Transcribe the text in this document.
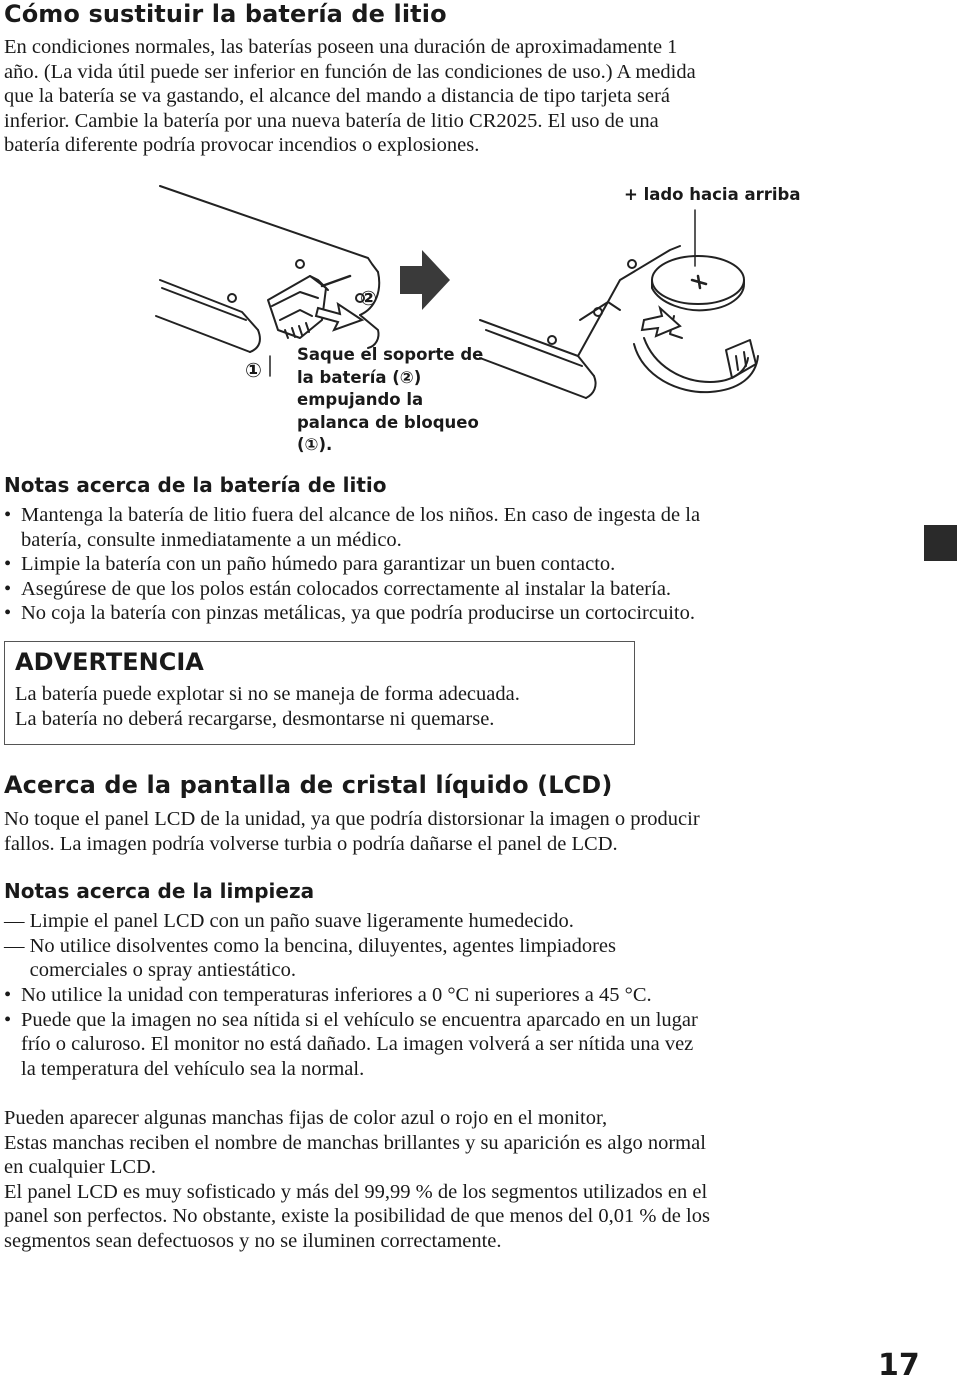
Cómo sustituir la batería de litio

En condiciones normales, las baterías poseen una duración de aproximadamente 1
año. (La vida útil puede ser inferior en función de las condiciones de uso.) A medida
que la batería se va gastando, el alcance del mando a distancia de tipo tarjeta será
inferior. Cambie la batería por una nueva batería de litio CR2025. El uso de una
batería diferente podría provocar incendios o explosiones.

②
①
+ lado hacia arriba

Saque el soporte de
la batería (②)
empujando la
palanca de bloqueo
(①).

Notas acerca de la batería de litio
• Mantenga la batería de litio fuera del alcance de los niños. En caso de ingesta de la
batería, consulte inmediatamente a un médico.
• Limpie la batería con un paño húmedo para garantizar un buen contacto.
• Asegúrese de que los polos están colocados correctamente al instalar la batería.
• No coja la batería con pinzas metálicas, ya que podría producirse un cortocircuito.
ADVERTENCIA

La batería puede explotar si no se maneja de forma adecuada.
La batería no deberá recargarse, desmontarse ni quemarse.

Acerca de la pantalla de cristal líquido (LCD)

No toque el panel LCD de la unidad, ya que podría distorsionar la imagen o producir
fallos. La imagen podría volverse turbia o podría dañarse el panel de LCD.

Notas acerca de la limpieza
— Limpie el panel LCD con un paño suave ligeramente humedecido.
— No utilice disolventes como la bencina, diluyentes, agentes limpiadores
comerciales o spray antiestático.
• No utilice la unidad con temperaturas inferiores a 0 °C ni superiores a 45 °C.
• Puede que la imagen no sea nítida si el vehículo se encuentra aparcado en un lugar
frío o caluroso. El monitor no está dañado. La imagen volverá a ser nítida una vez
la temperatura del vehículo sea la normal.

Pueden aparecer algunas manchas fijas de color azul o rojo en el monitor,
Estas manchas reciben el nombre de manchas brillantes y su aparición es algo normal
en cualquier LCD.
El panel LCD es muy sofisticado y más del 99,99 % de los segmentos utilizados en el
panel son perfectos. No obstante, existe la posibilidad de que menos del 0,01 % de los
segmentos sean defectuosos y no se iluminen correctamente.

17
